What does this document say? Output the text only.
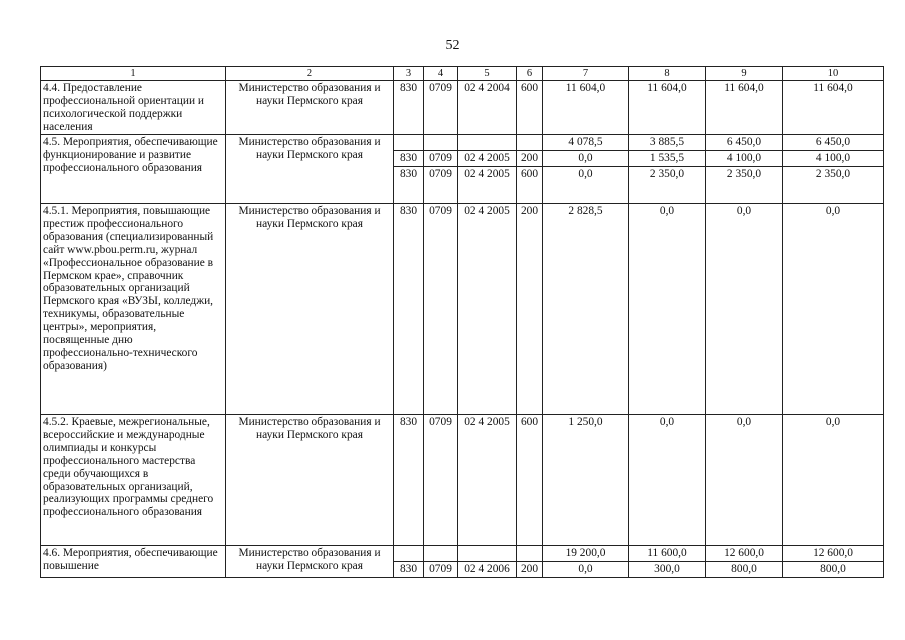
52
1	2	3	4	5	6	7	8	9	10
4.4. Предоставление профессиональной ориентации и психологической поддержки населения	Министерство образования и науки Пермского края	830	0709	02 4 2004	600	11 604,0	11 604,0	11 604,0	11 604,0
4.5. Мероприятия, обеспечивающие функционирование и развитие профессионального образования	Министерство образования и науки Пермского края					4 078,5	3 885,5	6 450,0	6 450,0
		830	0709	02 4 2005	200	0,0	1 535,5	4 100,0	4 100,0
		830	0709	02 4 2005	600	0,0	2 350,0	2 350,0	2 350,0
4.5.1. Мероприятия, повышающие престиж профессионального образования (специализированный сайт www.pbou.perm.ru, журнал «Профессиональное образование в Пермском крае», справочник образовательных организаций Пермского края «ВУЗЫ, колледжи, техникумы, образовательные центры», мероприятия, посвященные дню профессионально-технического образования)	Министерство образования и науки Пермского края	830	0709	02 4 2005	200	2 828,5	0,0	0,0	0,0
4.5.2. Краевые, межрегиональные, всероссийские и международные олимпиады и конкурсы профессионального мастерства среди обучающихся в образовательных организаций, реализующих программы среднего профессионального образования	Министерство образования и науки Пермского края	830	0709	02 4 2005	600	1 250,0	0,0	0,0	0,0
4.6. Мероприятия, обеспечивающие повышение	Министерство образования и науки Пермского края					19 200,0	11 600,0	12 600,0	12 600,0
		830	0709	02 4 2006	200	0,0	300,0	800,0	800,0
